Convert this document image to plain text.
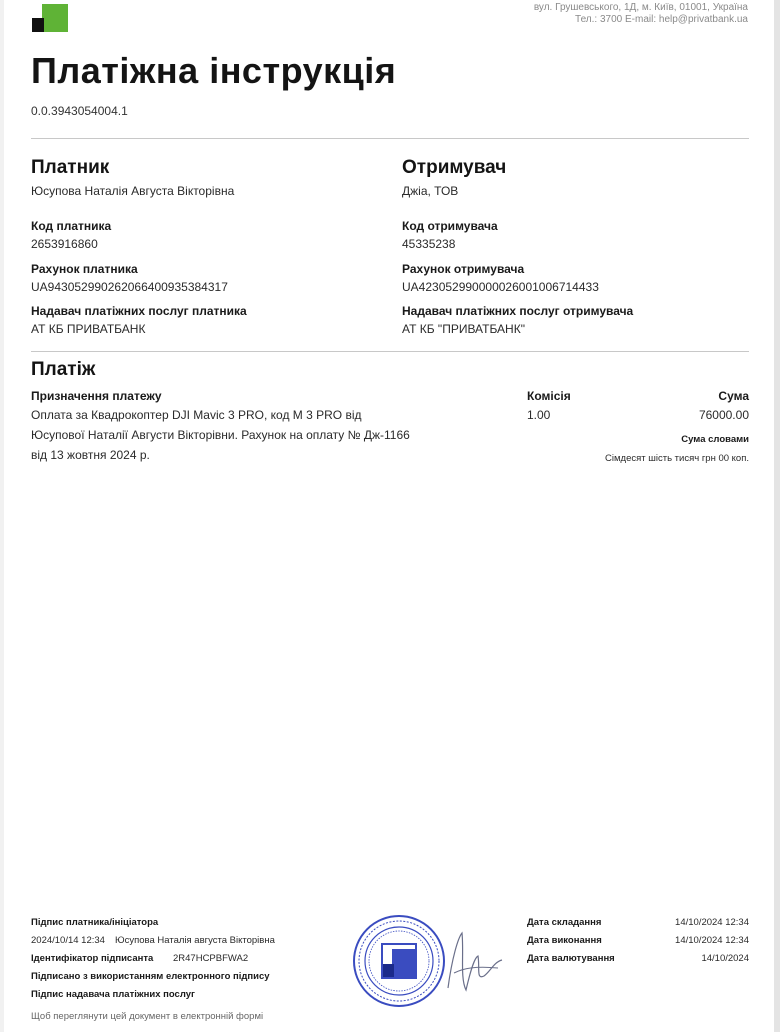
вул. Грушевського, 1Д, м. Київ, 01001, Україна
Тел.: 3700 E-mail: help@privatbank.ua
Платіжна інструкція
0.0.3943054004.1
Платник
Юсупова Наталія Августа Вікторівна
Код платника
2653916860
Рахунок платника
UA943052990262066400935384317
Надавач платіжних послуг платника
АТ КБ ПРИВАТБАНК
Отримувач
Джіа, ТОВ
Код отримувача
45335238
Рахунок отримувача
UA423052990000026001006714433
Надавач платіжних послуг отримувача
АТ КБ "ПРИВАТБАНК"
Платіж
Призначення платежу
Оплата за Квадрокоптер DJI Mavic 3 PRO, код M 3 PRO від Юсупової Наталії Августи Вікторівни. Рахунок на оплату № Дж-1166 від 13 жовтня 2024 р.
Комісія
1.00
Сума
76000.00
Сума словами
Сімдесят шість тисяч грн 00 коп.
Підпис платника/ініціатора
2024/10/14 12:34 Юсупова Наталія августа Вікторівна
Ідентифікатор підписанта 2R47HCPBFWA2
Підписано з використанням електронного підпису
Підпис надавача платіжних послуг
Щоб переглянути цей документ в електронній формі
Дата складання	14/10/2024 12:34
Дата виконання	14/10/2024 12:34
Дата валютування	14/10/2024
